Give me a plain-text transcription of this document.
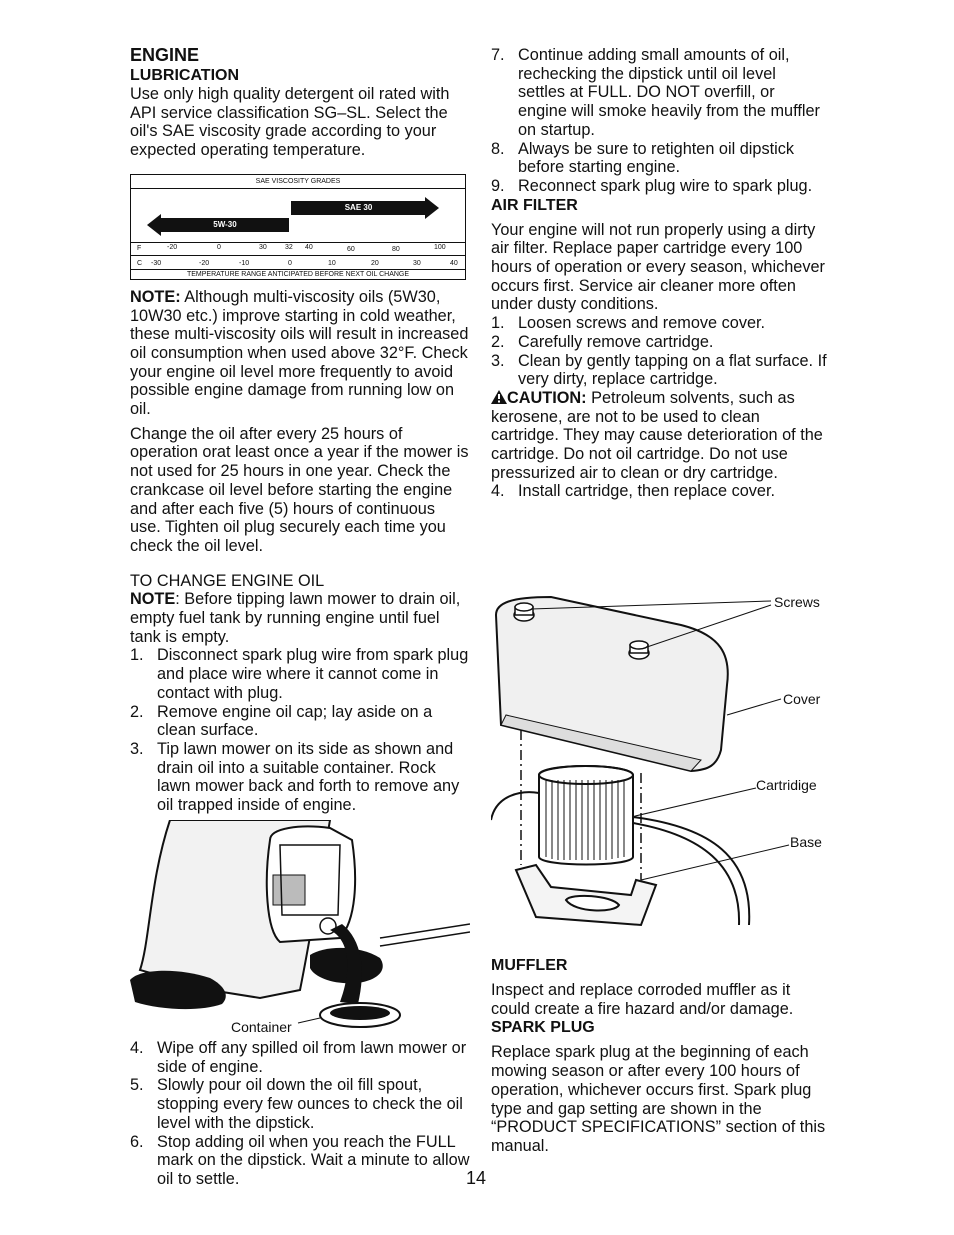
ENGINE
LUBRICATION

Use only high quality detergent oil rated with API service classification SG–SL. Select the oil's SAE viscosity grade according to your expected operating temperature.

SAE VISCOSITY GRADES
SAE 30
5W-30
F	-20	0	30	32 40	60	80	100
C -30	-20	-10	0	10	20	30	40
TEMPERATURE RANGE ANTICIPATED BEFORE NEXT OIL CHANGE

NOTE: Although multi-viscosity oils (5W30, 10W30 etc.) improve starting in cold weather, these multi-viscosity oils will result in increased oil consumption when used above 32°F. Check your engine oil level more frequently to avoid possible engine damage from running low on oil.

Change the oil after every 25 hours of operation orat least once a year if the mower is not used for 25 hours in one year. Check the crankcase oil level before starting the engine and after each five (5) hours of continuous use. Tighten oil plug securely each time you check the oil level.

TO CHANGE ENGINE OIL

NOTE: Before tipping lawn mower to drain oil, empty fuel tank by running engine until fuel tank is empty.

1. Disconnect spark plug wire from spark plug and place wire where it cannot come in contact with plug.
2. Remove engine oil cap; lay aside on a clean surface.
3. Tip lawn mower on its side as shown and drain oil into a suitable container. Rock lawn mower back and forth to remove any oil trapped inside of engine.
Container
4. Wipe off any spilled oil from lawn mower or side of engine.
5. Slowly pour oil down the oil fill spout, stopping every few ounces to check the oil level with the dipstick.
6. Stop adding oil when you reach the FULL mark on the dipstick. Wait a minute to allow oil to settle.
7. Continue adding small amounts of oil, rechecking the dipstick until oil level settles at FULL. DO NOT overfill, or engine will smoke heavily from the muffler on startup.
8. Always be sure to retighten oil dipstick before starting engine.
9. Reconnect spark plug wire to spark plug.
AIR FILTER

Your engine will not run properly using a dirty air filter. Replace paper cartridge every 100 hours of operation or every season, whichever occurs first. Service air cleaner more often under dusty conditions.

1. Loosen screws and remove cover.
2. Carefully remove cartridge.
3. Clean by gently tapping on a flat surface. If very dirty, replace cartridge.

CAUTION: Petroleum solvents, such as kerosene, are not to be used to clean cartridge. They may cause deterioration of the cartridge. Do not oil cartridge. Do not use pressurized air to clean or dry cartridge.

4. Install cartridge, then replace cover.
Screws
Cover
Cartridige
Base
MUFFLER

Inspect and replace corroded muffler as it could create a fire hazard and/or damage.

SPARK PLUG

Replace spark plug at the beginning of each mowing season or after every 100 hours of operation, whichever occurs first. Spark plug type and gap setting are shown in the “PRODUCT SPECIFICATIONS” section of this manual.

14
